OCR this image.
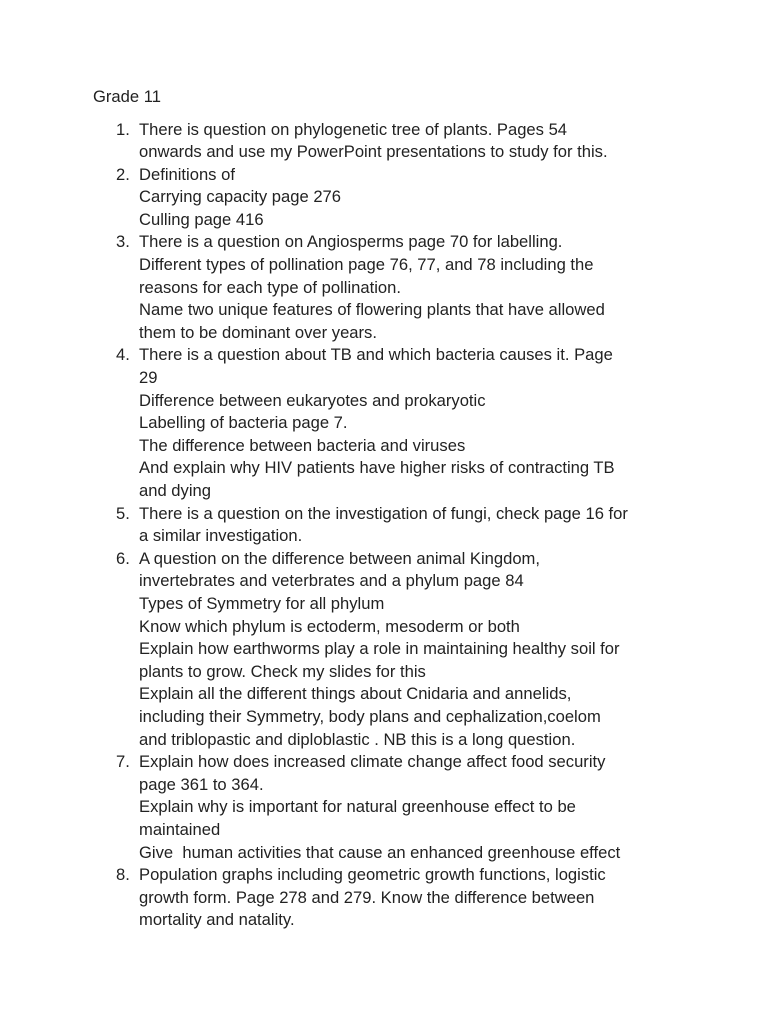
Grade 11
1. There is question on phylogenetic tree of plants. Pages 54
onwards and use my PowerPoint presentations to study for this.
2. Definitions of
Carrying capacity page 276
Culling page 416
3. There is a question on Angiosperms page 70 for labelling.
Different types of pollination page 76, 77, and 78 including the
reasons for each type of pollination.
Name two unique features of flowering plants that have allowed
them to be dominant over years.
4. There is a question about TB and which bacteria causes it. Page
29
Difference between eukaryotes and prokaryotic
Labelling of bacteria page 7.
The difference between bacteria and viruses
And explain why HIV patients have higher risks of contracting TB
and dying
5. There is a question on the investigation of fungi, check page 16 for
a similar investigation.
6. A question on the difference between animal Kingdom,
invertebrates and veterbrates and a phylum page 84
Types of Symmetry for all phylum
Know which phylum is ectoderm, mesoderm or both
Explain how earthworms play a role in maintaining healthy soil for
plants to grow. Check my slides for this
Explain all the different things about Cnidaria and annelids,
including their Symmetry, body plans and cephalization,coelom
and triblopastic and diploblastic . NB this is a long question.
7. Explain how does increased climate change affect food security
page 361 to 364.
Explain why is important for natural greenhouse effect to be
maintained
Give  human activities that cause an enhanced greenhouse effect
8. Population graphs including geometric growth functions, logistic
growth form. Page 278 and 279. Know the difference between
mortality and natality.
